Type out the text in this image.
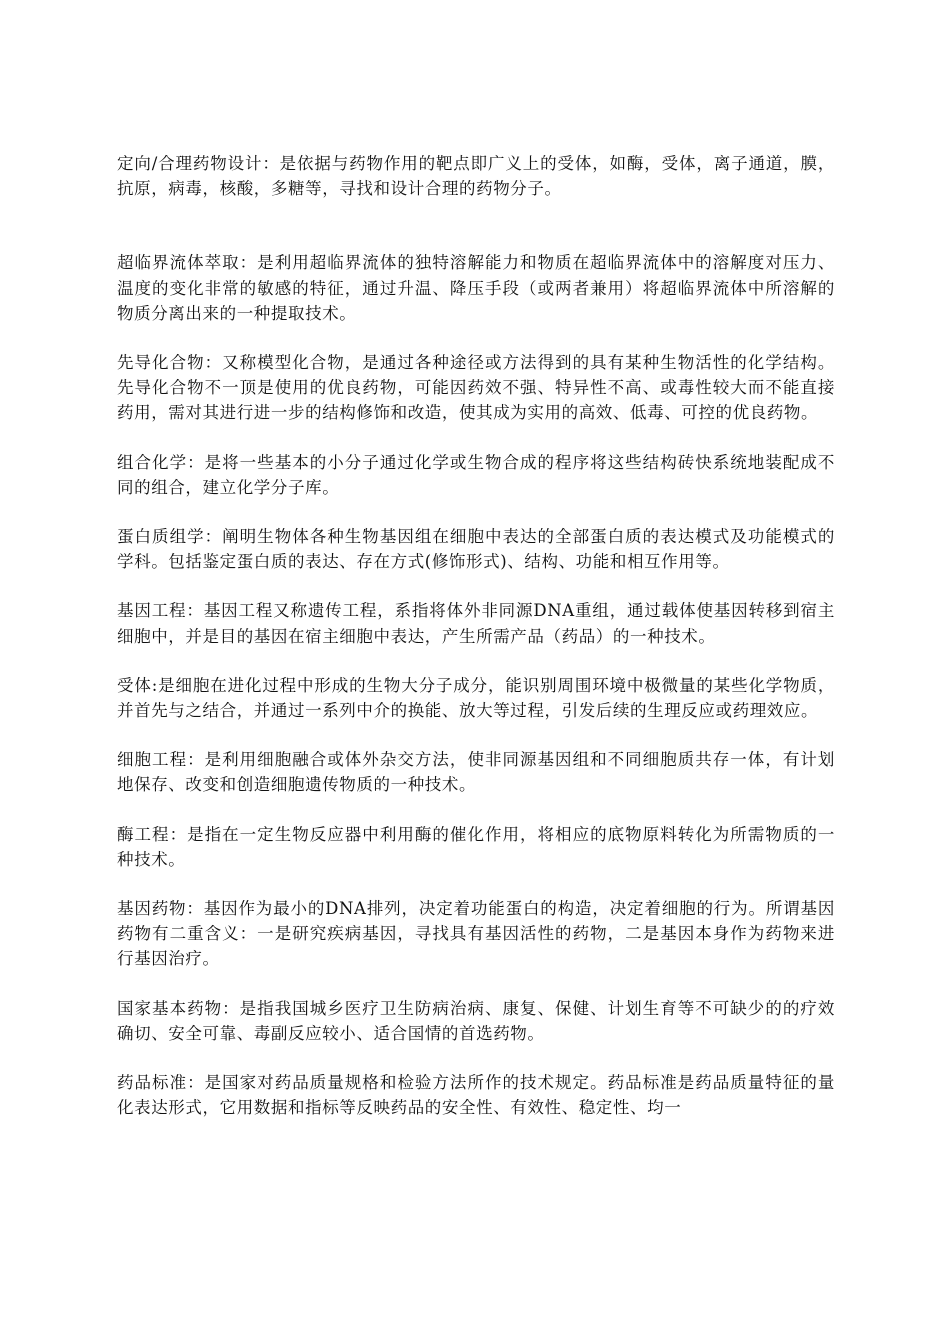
定向/合理药物设计：是依据与药物作用的靶点即广义上的受体，如酶，受体，离子通道，膜，抗原，病毒，核酸，多糖等，寻找和设计合理的药物分子。

超临界流体萃取：是利用超临界流体的独特溶解能力和物质在超临界流体中的溶解度对压力、温度的变化非常的敏感的特征，通过升温、降压手段（或两者兼用）将超临界流体中所溶解的物质分离出来的一种提取技术。

先导化合物：又称模型化合物，是通过各种途径或方法得到的具有某种生物活性的化学结构。先导化合物不一顶是使用的优良药物，可能因药效不强、特异性不高、或毒性较大而不能直接药用，需对其进行进一步的结构修饰和改造，使其成为实用的高效、低毒、可控的优良药物。

组合化学：是将一些基本的小分子通过化学或生物合成的程序将这些结构砖快系统地装配成不同的组合，建立化学分子库。

蛋白质组学：阐明生物体各种生物基因组在细胞中表达的全部蛋白质的表达模式及功能模式的学科。包括鉴定蛋白质的表达、存在方式(修饰形式)、结构、功能和相互作用等。

基因工程：基因工程又称遗传工程，系指将体外非同源DNA重组，通过载体使基因转移到宿主细胞中，并是目的基因在宿主细胞中表达，产生所需产品（药品）的一种技术。

受体:是细胞在进化过程中形成的生物大分子成分，能识别周围环境中极微量的某些化学物质，并首先与之结合，并通过一系列中介的换能、放大等过程，引发后续的生理反应或药理效应。

细胞工程：是利用细胞融合或体外杂交方法，使非同源基因组和不同细胞质共存一体，有计划地保存、改变和创造细胞遗传物质的一种技术。

酶工程：是指在一定生物反应器中利用酶的催化作用，将相应的底物原料转化为所需物质的一种技术。

基因药物：基因作为最小的DNA排列，决定着功能蛋白的构造，决定着细胞的行为。所谓基因药物有二重含义：一是研究疾病基因，寻找具有基因活性的药物，二是基因本身作为药物来进行基因治疗。

国家基本药物：是指我国城乡医疗卫生防病治病、康复、保健、计划生育等不可缺少的的疗效确切、安全可靠、毒副反应较小、适合国情的首选药物。

药品标准：是国家对药品质量规格和检验方法所作的技术规定。药品标准是药品质量特征的量化表达形式，它用数据和指标等反映药品的安全性、有效性、稳定性、均一
